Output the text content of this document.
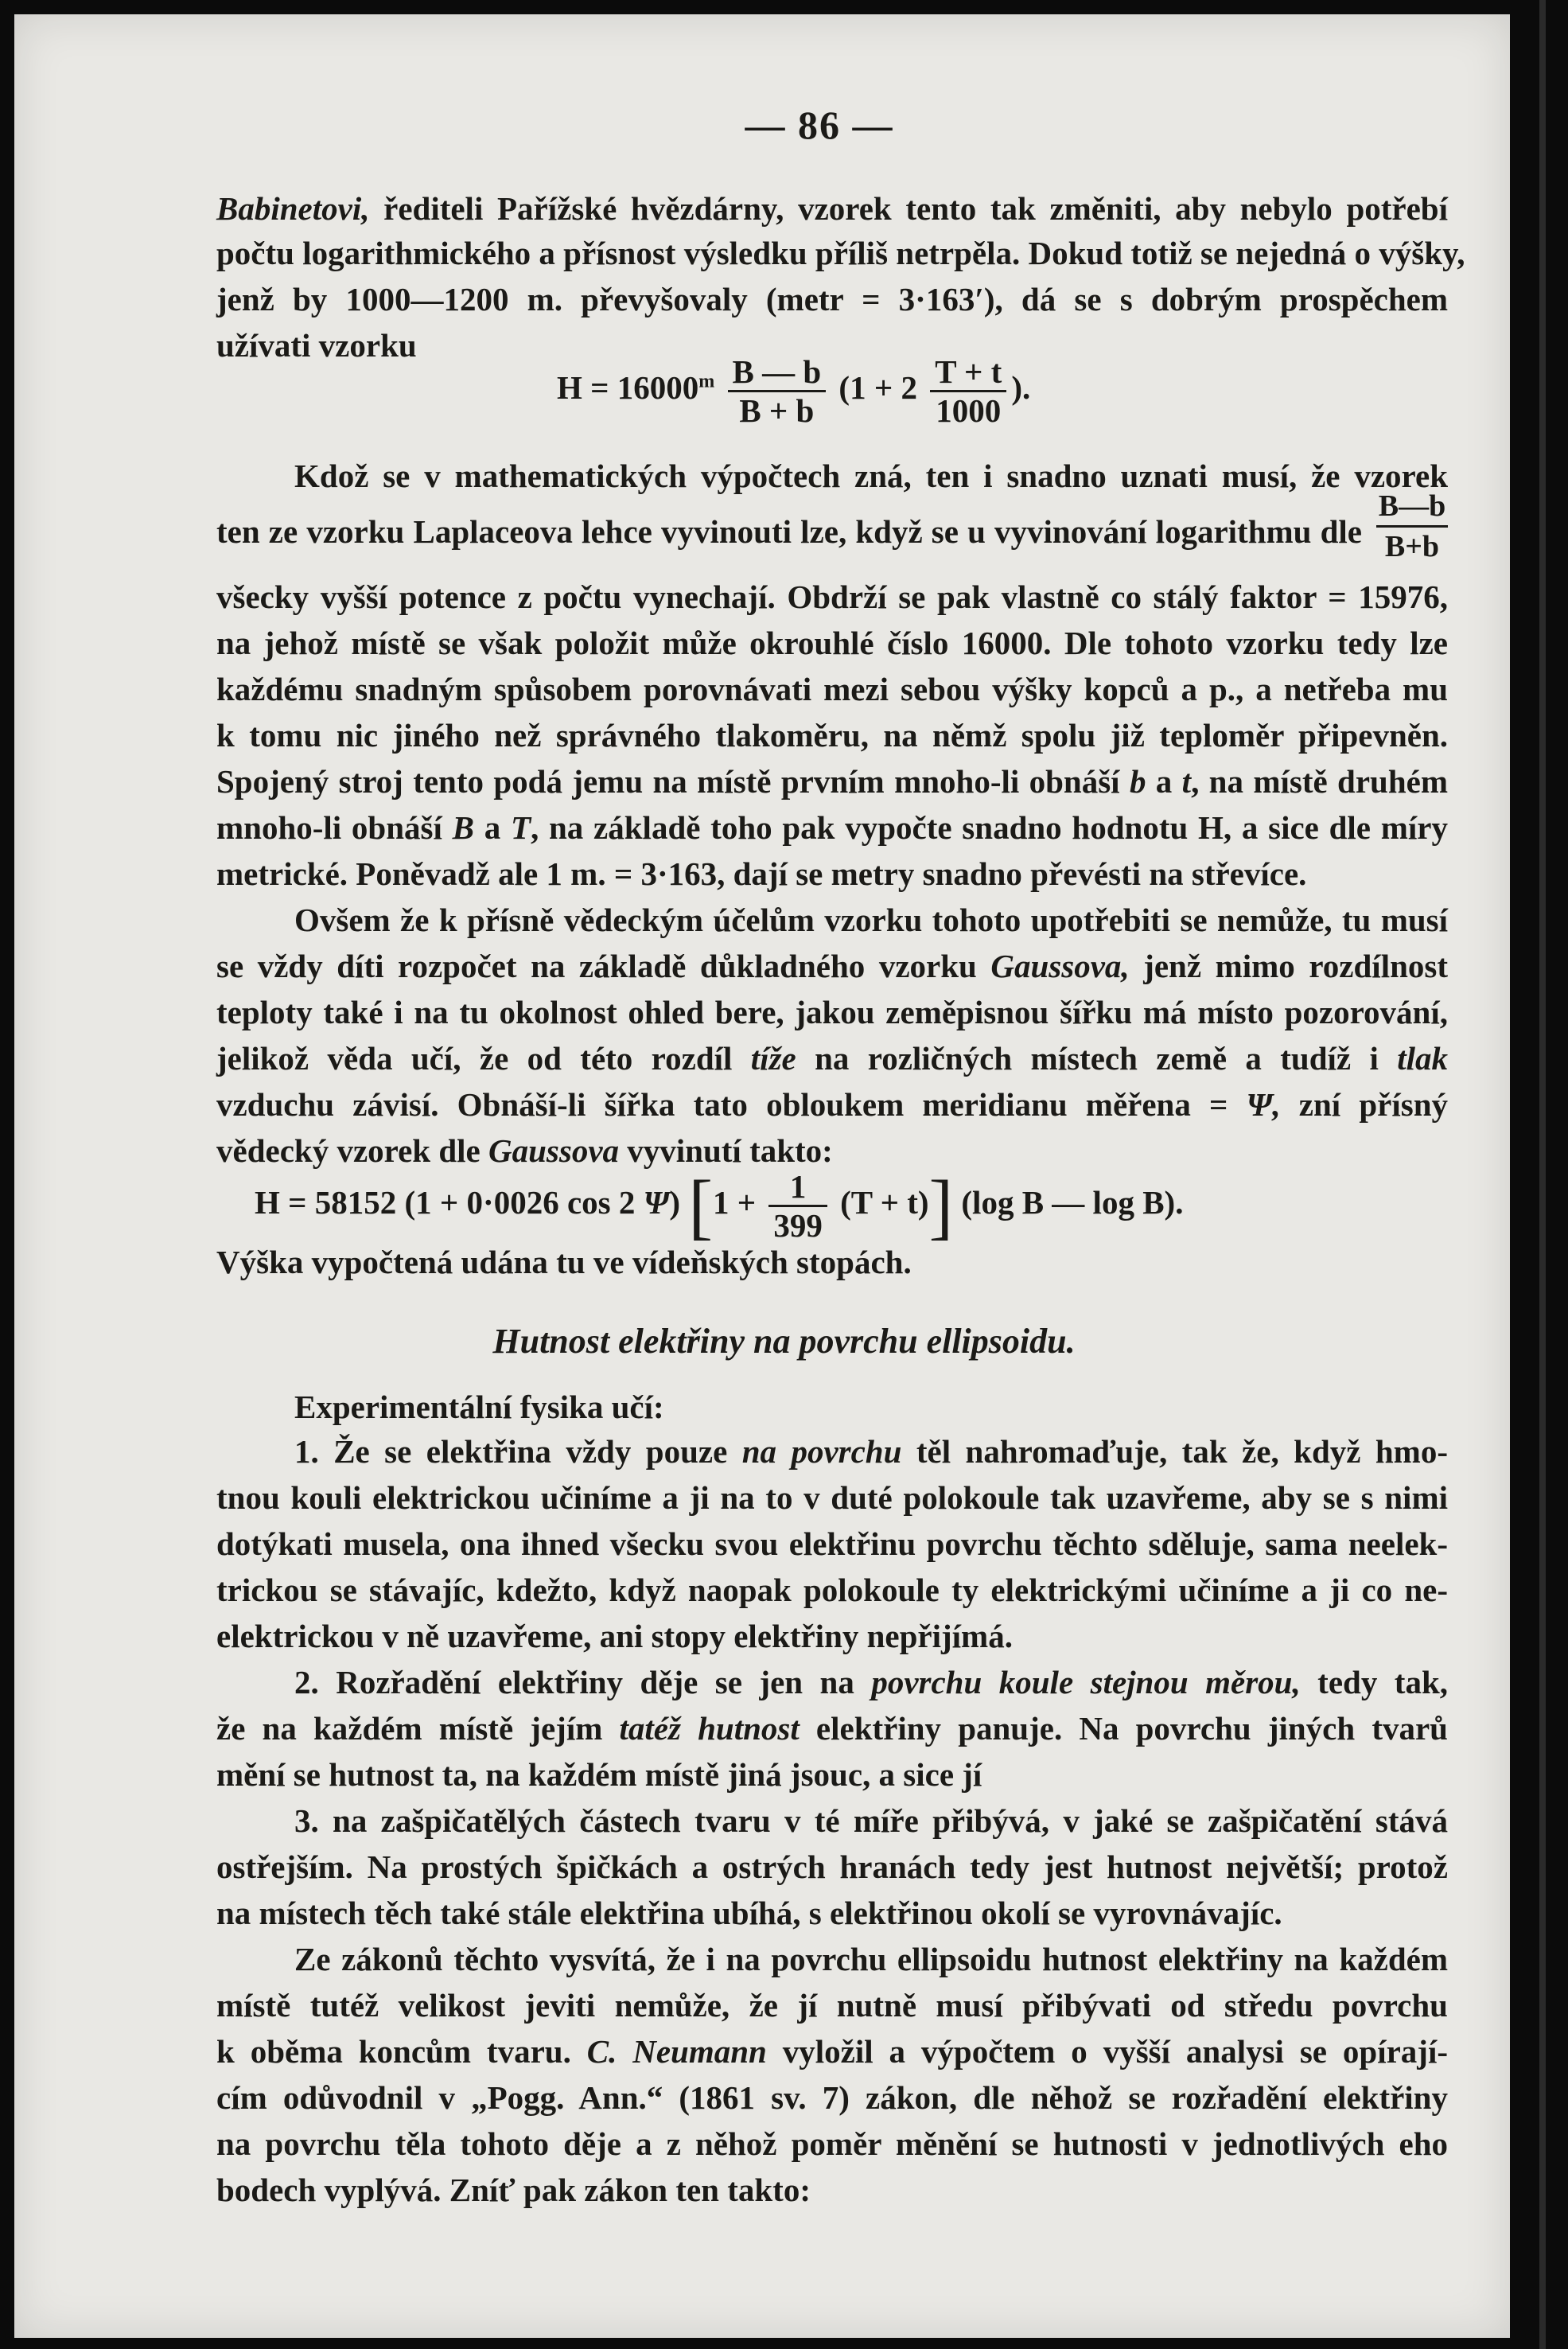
— 86 —
Babinetovi, řediteli Pařížské hvězdárny, vzorek tento tak změniti, aby nebylo potřebí
počtu logarithmického a přísnost výsledku příliš netrpěla. Dokud totiž se nejedná o výšky,
jenž by 1000—1200 m. převyšovaly (metr = 3·163′), dá se s dobrým prospěchem
užívati vzorku
$H = 16000^m \frac{B — b}{B + b} (1 + 2 \frac{T + t}{1000}$ ).
Kdož se v mathematických výpočtech zná, ten i snadno uznati musí, že vzorek
ten ze vzorku Laplaceova lehce vyvinouti lze, když se u vyvinování logarithmu dle
B—b
B+b
všecky vyšší potence z počtu vynechají. Obdrží se pak vlastně co stálý faktor = 15976,
na jehož místě se však položit může okrouhlé číslo 16000. Dle tohoto vzorku tedy lze
každému snadným spůsobem porovnávati mezi sebou výšky kopců a p., a netřeba mu
k tomu nic jiného než správného tlakoměru, na němž spolu již teploměr připevněn.
Spojený stroj tento podá jemu na místě prvním mnoho-li obnáší b a t, na místě druhém
mnoho-li obnáší B a T, na základě toho pak vypočte snadno hodnotu H, a sice dle míry
metrické. Poněvadž ale 1 m. = 3·163, dají se metry snadno převésti na střevíce.
Ovšem že k přísně vědeckým účelům vzorku tohoto upotřebiti se nemůže, tu musí
se vždy díti rozpočet na základě důkladného vzorku Gaussova, jenž mimo rozdílnost
teploty také i na tu okolnost ohled bere, jakou zeměpisnou šířku má místo pozorování,
jelikož věda učí, že od této rozdíl tíže na rozličných místech země a tudíž i tlak
vzduchu závisí. Obnáší-li šířka tato obloukem meridianu měřena = Ψ, zní přísný
vědecký vzorek dle Gaussova vyvinutí takto:
H = 58152 (1 + 0·0026 cos 2 Ψ) $[1 + \frac{1}{399} (T + t)]$ (log B — log B).
Výška vypočtená udána tu ve vídeňských stopách.
Hutnost elektřiny na povrchu ellipsoidu.
Experimentální fysika učí:
1. Že se elektřina vždy pouze na povrchu těl nahromaďuje, tak že, když hmo-
tnou kouli elektrickou učiníme a ji na to v duté polokoule tak uzavřeme, aby se s nimi
dotýkati musela, ona ihned všecku svou elektřinu povrchu těchto sděluje, sama neelek-
trickou se stávajíc, kdežto, když naopak polokoule ty elektrickými učiníme a ji co ne-
elektrickou v ně uzavřeme, ani stopy elektřiny nepřijímá.
2. Rozřadění elektřiny děje se jen na povrchu koule stejnou měrou, tedy tak,
že na každém místě jejím tatéž hutnost elektřiny panuje. Na povrchu jiných tvarů
mění se hutnost ta, na každém místě jiná jsouc, a sice jí
3. na zašpičatělých částech tvaru v té míře přibývá, v jaké se zašpičatění stává
ostřejším. Na prostých špičkách a ostrých hranách tedy jest hutnost největší; protož
na místech těch také stále elektřina ubíhá, s elektřinou okolí se vyrovnávajíc.
Ze zákonů těchto vysvítá, že i na povrchu ellipsoidu hutnost elektřiny na každém
místě tutéž velikost jeviti nemůže, že jí nutně musí přibývati od středu povrchu
k oběma koncům tvaru. C. Neumann vyložil a výpočtem o vyšší analysi se opírají-
cím odůvodnil v „Pogg. Ann.“ (1861 sv. 7) zákon, dle něhož se rozřadění elektřiny
na povrchu těla tohoto děje a z něhož poměr měnění se hutnosti v jednotlivých eho
bodech vyplývá. Zníť pak zákon ten takto:
